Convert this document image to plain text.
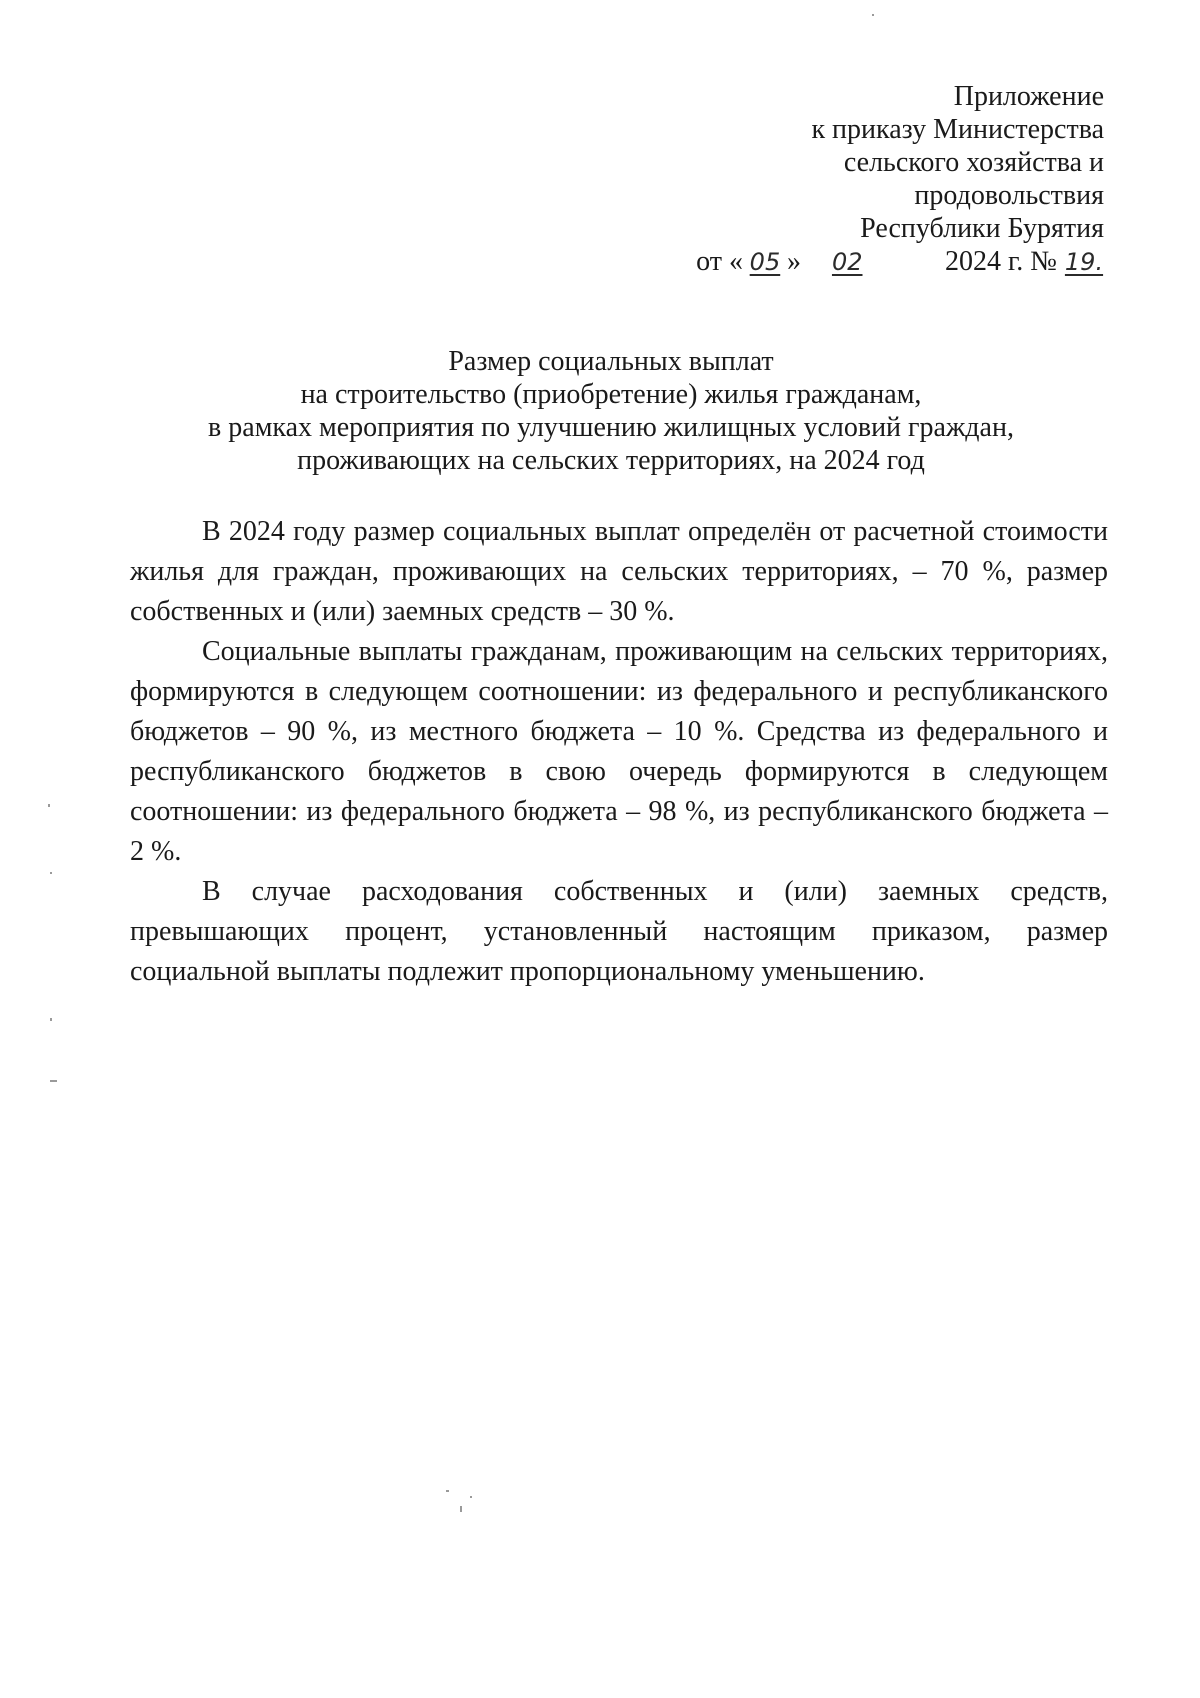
Приложение
к приказу Министерства
сельского хозяйства и
продовольствия
Республики Бурятия
от « 05 » 02	2024 г. № 19.
Размер социальных выплат
на строительство (приобретение) жилья гражданам,
в рамках мероприятия по улучшению жилищных условий граждан,
проживающих на сельских территориях, на 2024 год

В 2024 году размер социальных выплат определён от расчетной стоимости жилья для граждан, проживающих на сельских территориях, – 70 %, размер собственных и (или) заемных средств – 30 %.

Социальные выплаты гражданам, проживающим на сельских территориях, формируются в следующем соотношении: из федерального и республиканского бюджетов – 90 %, из местного бюджета – 10 %. Средства из федерального и республиканского бюджетов в свою очередь формируются в следующем соотношении: из федерального бюджета – 98 %, из республиканского бюджета – 2 %.

В случае расходования собственных и (или) заемных средств, превышающих процент, установленный настоящим приказом, размер социальной выплаты подлежит пропорциональному уменьшению.
